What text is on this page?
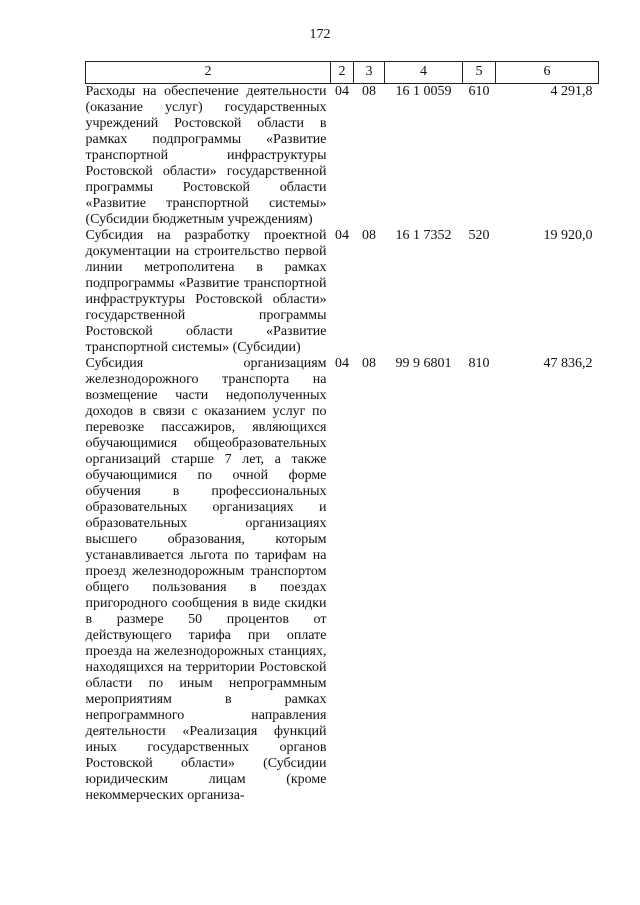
172
2	2	3	4	5	6
Расходы на обеспечение деятельности (оказание услуг) государственных учреждений Ростовской области в рамках подпрограммы «Развитие транспортной инфраструктуры Ростовской области» государственной программы Ростовской области «Развитие транспортной системы» (Субсидии бюджетным учреждениям)	04	08	16 1 0059	610	4 291,8
Субсидия на разработку проектной документации на строительство первой линии метрополитена в рамках подпрограммы «Развитие транспортной инфраструктуры Ростовской области» государственной программы Ростовской области «Развитие транспортной системы» (Субсидии)	04	08	16 1 7352	520	19 920,0
Субсидия организациям железнодорожного транспорта на возмещение части недополученных доходов в связи с оказанием услуг по перевозке пассажиров, являющихся обучающимися общеобразовательных организаций старше 7 лет, а также обучающимися по очной форме обучения в профессиональных образовательных организациях и образовательных организациях высшего образования, которым устанавливается льгота по тарифам на проезд железнодорожным транспортом общего пользования в поездах пригородного сообщения в виде скидки в размере 50 процентов от действующего тарифа при оплате проезда на железнодорожных станциях, находящихся на территории Ростовской области по иным непрограммным мероприятиям в рамках непрограммного направления деятельности «Реализация функций иных государственных органов Ростовской области» (Субсидии юридическим лицам (кроме некоммерческих организа-	04	08	99 9 6801	810	47 836,2
